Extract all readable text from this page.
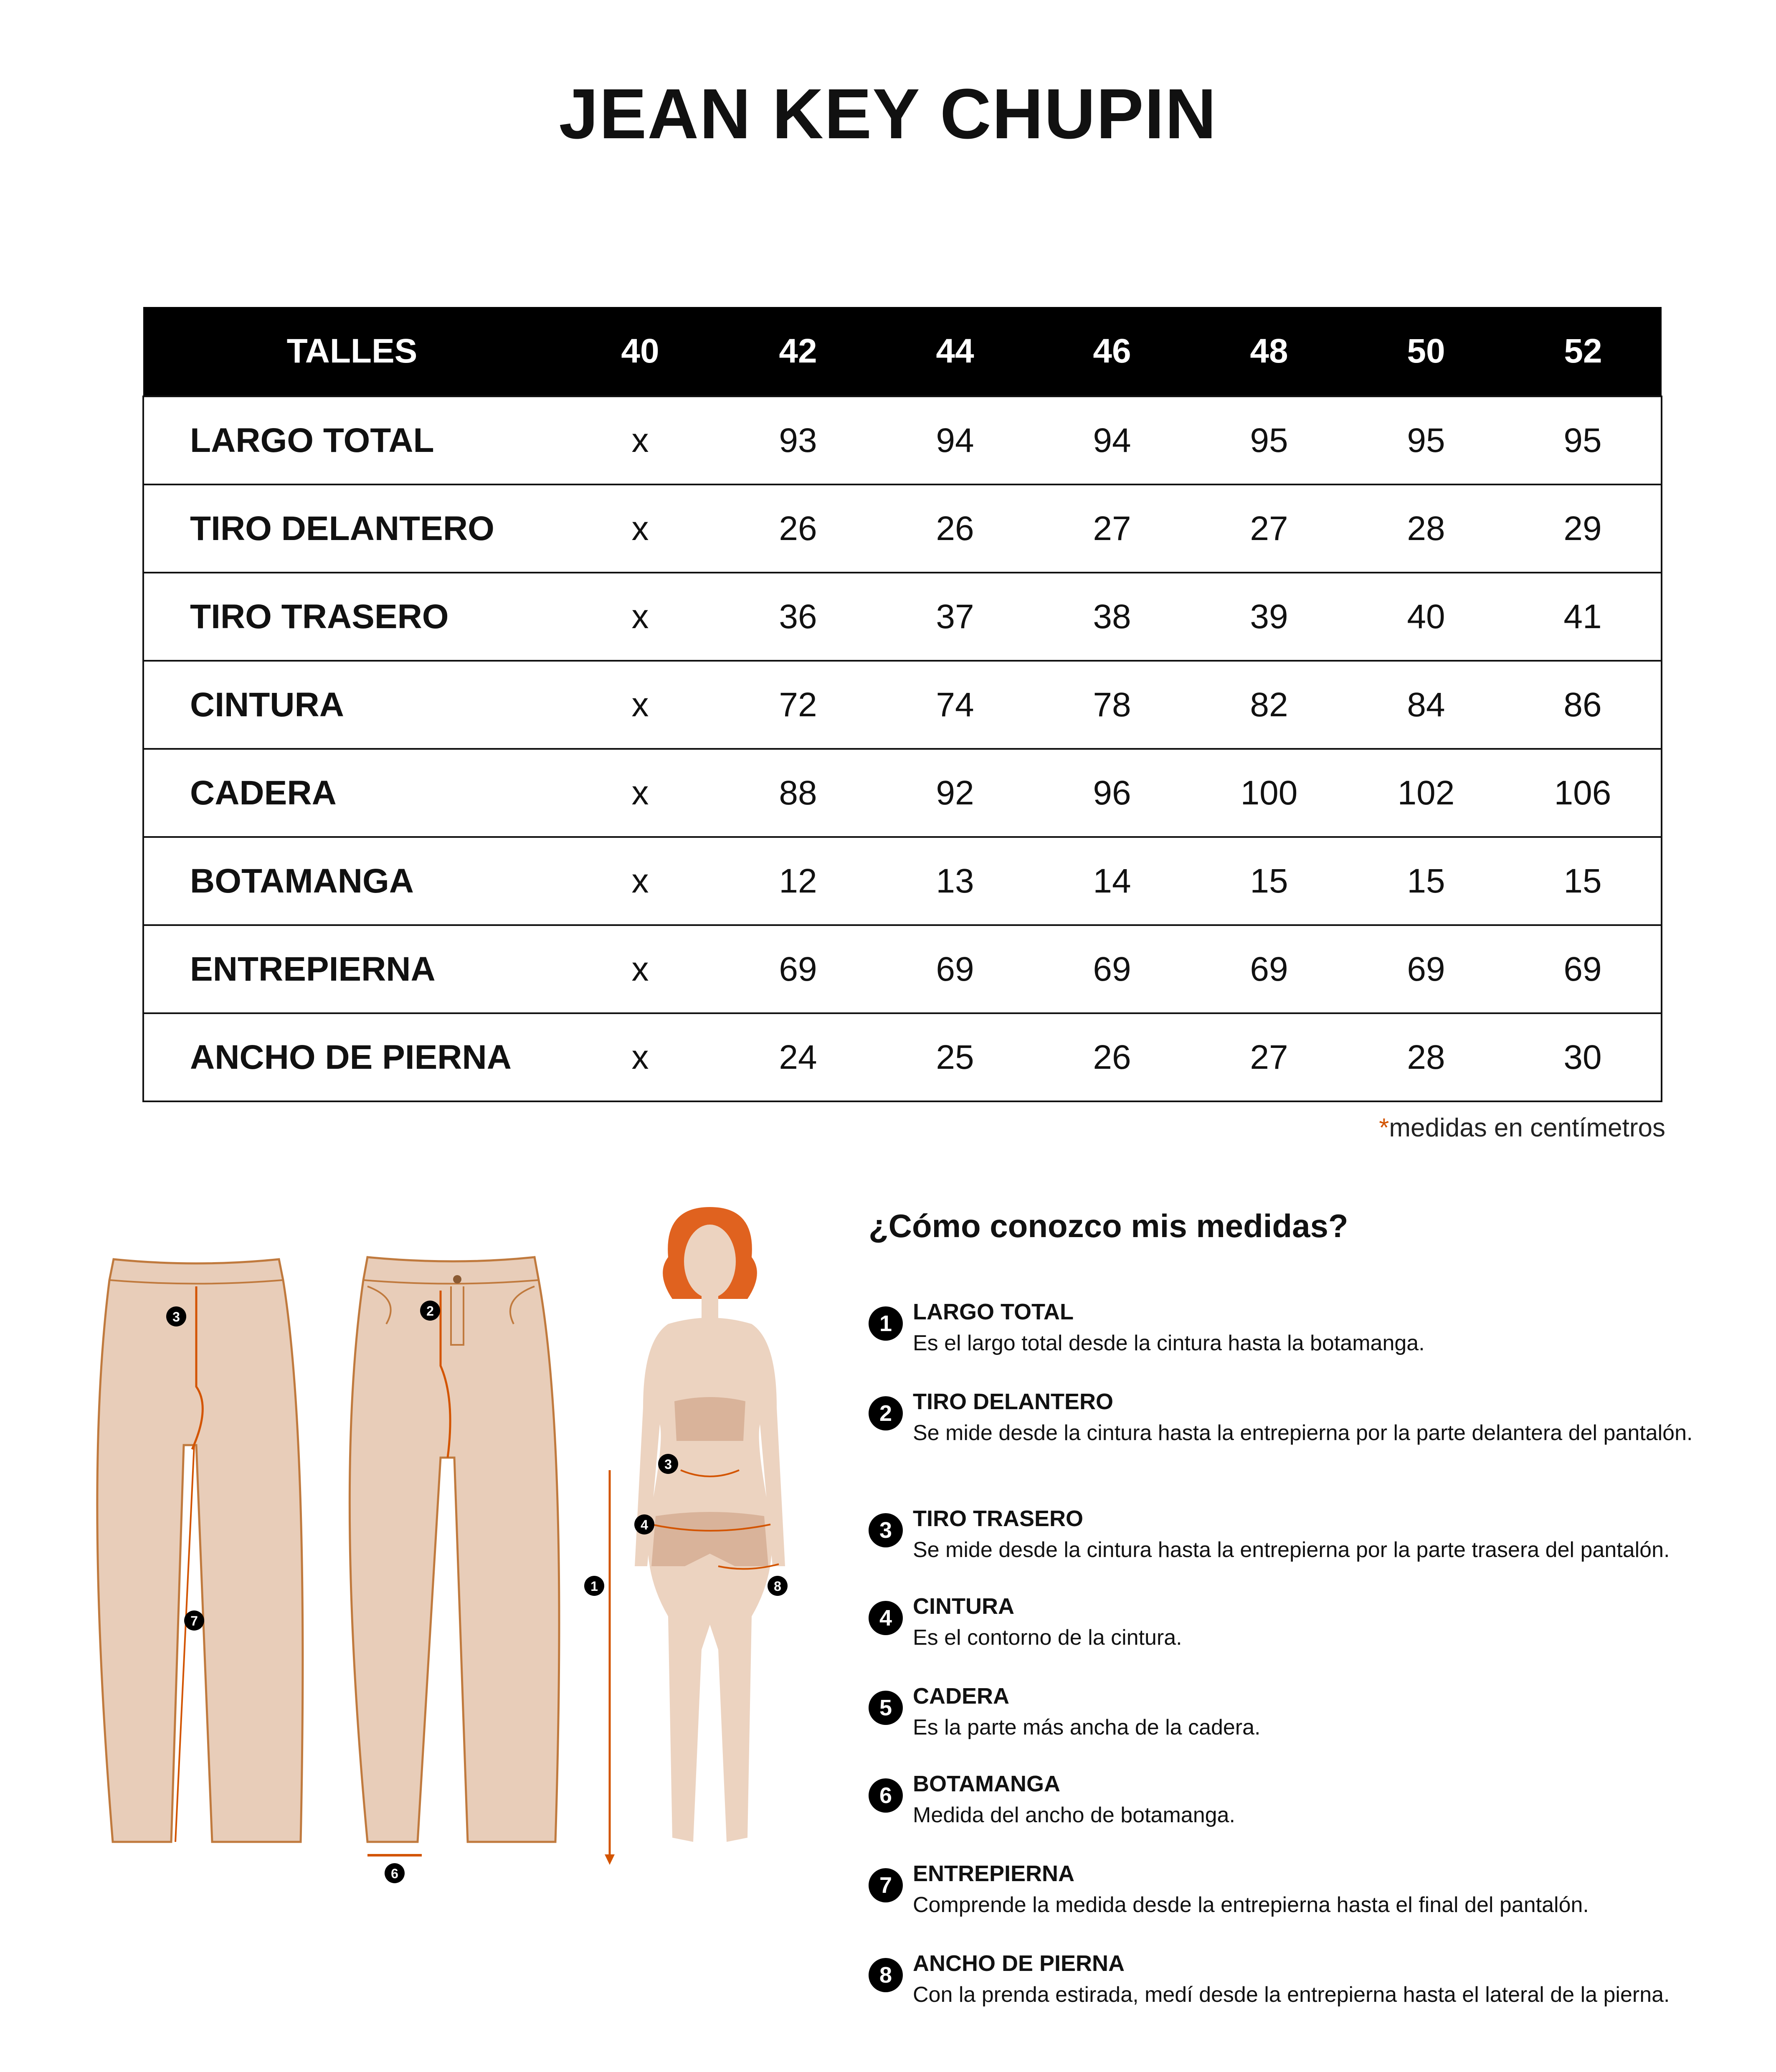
JEAN KEY CHUPIN
TALLES	40	42	44	46	48	50	52
LARGO TOTAL	x	93	94	94	95	95	95
TIRO DELANTERO	x	26	26	27	27	28	29
TIRO TRASERO	x	36	37	38	39	40	41
CINTURA	x	72	74	78	82	84	86
CADERA	x	88	92	96	100	102	106
BOTAMANGA	x	12	13	14	15	15	15
ENTREPIERNA	x	69	69	69	69	69	69
ANCHO DE PIERNA	x	24	25	26	27	28	30
*medidas en centímetros
3
7
2
6
1
3
4
8
¿Cómo conozco mis medidas?
1 LARGO TOTAL
Es el largo total desde la cintura hasta la botamanga.
2 TIRO DELANTERO
Se mide desde la cintura hasta la entrepierna por la parte delantera del pantalón.
3 TIRO TRASERO
Se mide desde la cintura hasta la entrepierna por la parte trasera del pantalón.
4 CINTURA
Es el contorno de la cintura.
5 CADERA
Es la parte más ancha de la cadera.
6 BOTAMANGA
Medida del ancho de botamanga.
7 ENTREPIERNA
Comprende la medida desde la entrepierna hasta el final del pantalón.
8 ANCHO DE PIERNA
Con la prenda estirada, medí desde la entrepierna hasta el lateral de la pierna.
